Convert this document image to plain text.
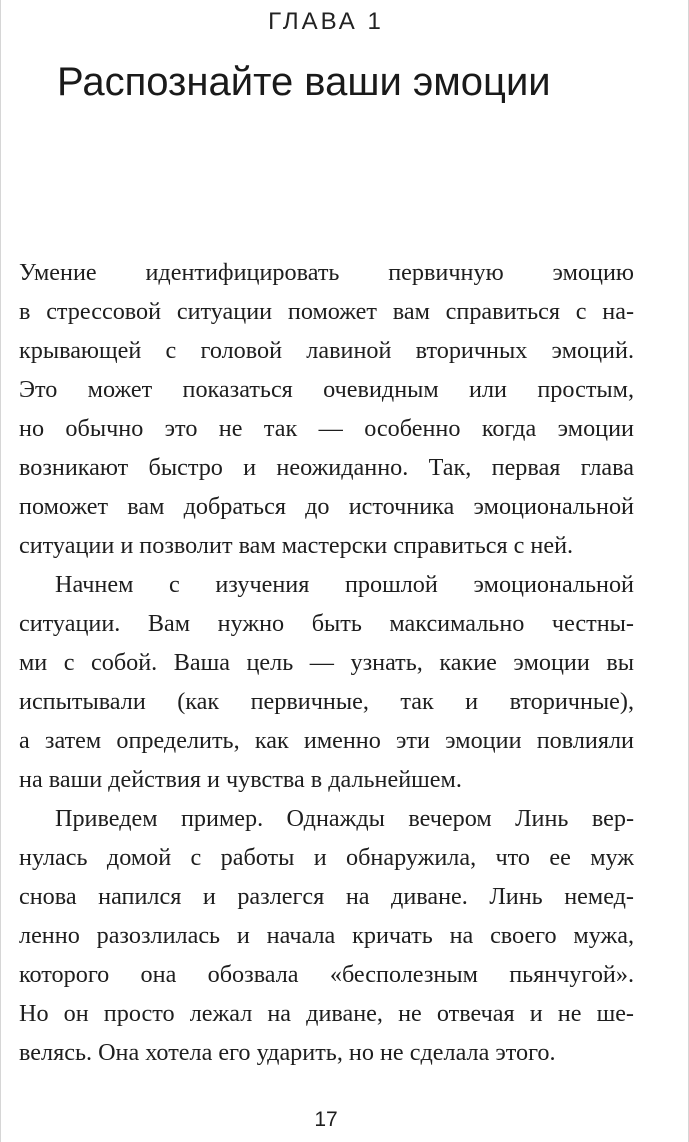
ГЛАВА 1
Распознайте ваши эмоции
Умение идентифицировать первичную эмоцию
в стрессовой ситуации поможет вам справиться с на-
крывающей с головой лавиной вторичных эмоций.
Это может показаться очевидным или простым,
но обычно это не так — особенно когда эмоции
возникают быстро и неожиданно. Так, первая глава
поможет вам добраться до источника эмоциональной
ситуации и позволит вам мастерски справиться с ней.
Начнем с изучения прошлой эмоциональной
ситуации. Вам нужно быть максимально честны-
ми с собой. Ваша цель — узнать, какие эмоции вы
испытывали (как первичные, так и вторичные),
а затем определить, как именно эти эмоции повлияли
на ваши действия и чувства в дальнейшем.
Приведем пример. Однажды вечером Линь вер-
нулась домой с работы и обнаружила, что ее муж
снова напился и разлегся на диване. Линь немед-
ленно разозлилась и начала кричать на своего мужа,
которого она обозвала «бесполезным пьянчугой».
Но он просто лежал на диване, не отвечая и не ше-
велясь. Она хотела его ударить, но не сделала этого.
17
